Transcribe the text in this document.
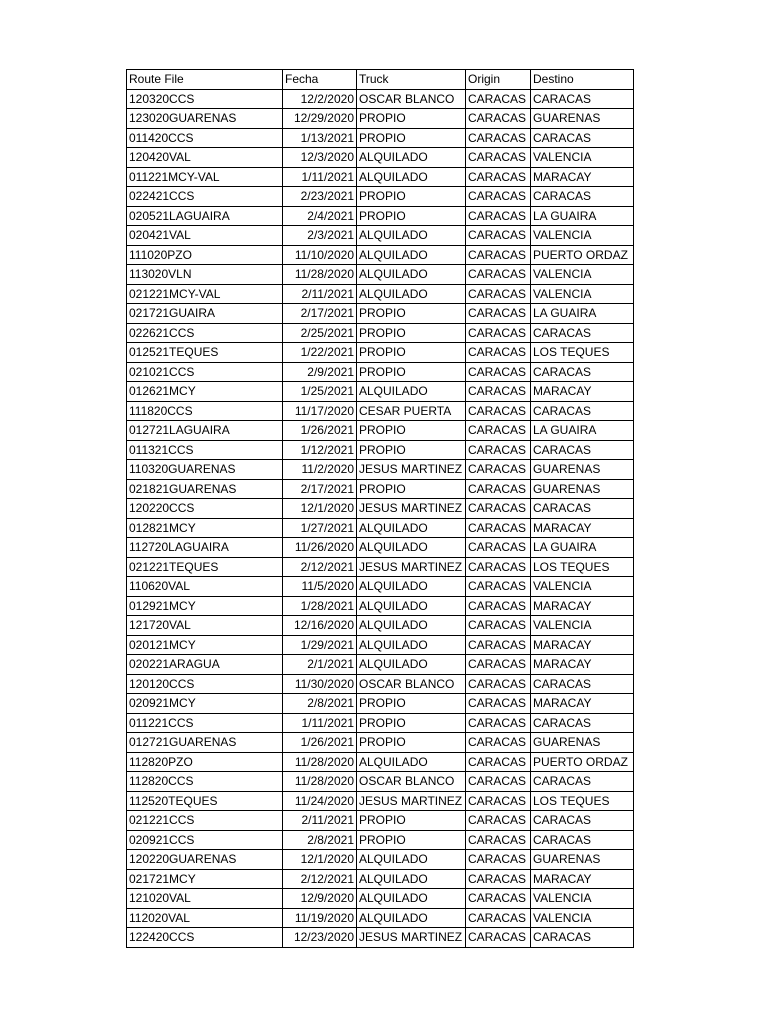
Route File	Fecha	Truck	Origin	Destino
120320CCS	12/2/2020	OSCAR BLANCO	CARACAS	CARACAS
123020GUARENAS	12/29/2020	PROPIO	CARACAS	GUARENAS
011420CCS	1/13/2021	PROPIO	CARACAS	CARACAS
120420VAL	12/3/2020	ALQUILADO	CARACAS	VALENCIA
011221MCY-VAL	1/11/2021	ALQUILADO	CARACAS	MARACAY
022421CCS	2/23/2021	PROPIO	CARACAS	CARACAS
020521LAGUAIRA	2/4/2021	PROPIO	CARACAS	LA GUAIRA
020421VAL	2/3/2021	ALQUILADO	CARACAS	VALENCIA
111020PZO	11/10/2020	ALQUILADO	CARACAS	PUERTO ORDAZ
113020VLN	11/28/2020	ALQUILADO	CARACAS	VALENCIA
021221MCY-VAL	2/11/2021	ALQUILADO	CARACAS	VALENCIA
021721GUAIRA	2/17/2021	PROPIO	CARACAS	LA GUAIRA
022621CCS	2/25/2021	PROPIO	CARACAS	CARACAS
012521TEQUES	1/22/2021	PROPIO	CARACAS	LOS TEQUES
021021CCS	2/9/2021	PROPIO	CARACAS	CARACAS
012621MCY	1/25/2021	ALQUILADO	CARACAS	MARACAY
111820CCS	11/17/2020	CESAR PUERTA	CARACAS	CARACAS
012721LAGUAIRA	1/26/2021	PROPIO	CARACAS	LA GUAIRA
011321CCS	1/12/2021	PROPIO	CARACAS	CARACAS
110320GUARENAS	11/2/2020	JESUS MARTINEZ	CARACAS	GUARENAS
021821GUARENAS	2/17/2021	PROPIO	CARACAS	GUARENAS
120220CCS	12/1/2020	JESUS MARTINEZ	CARACAS	CARACAS
012821MCY	1/27/2021	ALQUILADO	CARACAS	MARACAY
112720LAGUAIRA	11/26/2020	ALQUILADO	CARACAS	LA GUAIRA
021221TEQUES	2/12/2021	JESUS MARTINEZ	CARACAS	LOS TEQUES
110620VAL	11/5/2020	ALQUILADO	CARACAS	VALENCIA
012921MCY	1/28/2021	ALQUILADO	CARACAS	MARACAY
121720VAL	12/16/2020	ALQUILADO	CARACAS	VALENCIA
020121MCY	1/29/2021	ALQUILADO	CARACAS	MARACAY
020221ARAGUA	2/1/2021	ALQUILADO	CARACAS	MARACAY
120120CCS	11/30/2020	OSCAR BLANCO	CARACAS	CARACAS
020921MCY	2/8/2021	PROPIO	CARACAS	MARACAY
011221CCS	1/11/2021	PROPIO	CARACAS	CARACAS
012721GUARENAS	1/26/2021	PROPIO	CARACAS	GUARENAS
112820PZO	11/28/2020	ALQUILADO	CARACAS	PUERTO ORDAZ
112820CCS	11/28/2020	OSCAR BLANCO	CARACAS	CARACAS
112520TEQUES	11/24/2020	JESUS MARTINEZ	CARACAS	LOS TEQUES
021221CCS	2/11/2021	PROPIO	CARACAS	CARACAS
020921CCS	2/8/2021	PROPIO	CARACAS	CARACAS
120220GUARENAS	12/1/2020	ALQUILADO	CARACAS	GUARENAS
021721MCY	2/12/2021	ALQUILADO	CARACAS	MARACAY
121020VAL	12/9/2020	ALQUILADO	CARACAS	VALENCIA
112020VAL	11/19/2020	ALQUILADO	CARACAS	VALENCIA
122420CCS	12/23/2020	JESUS MARTINEZ	CARACAS	CARACAS
